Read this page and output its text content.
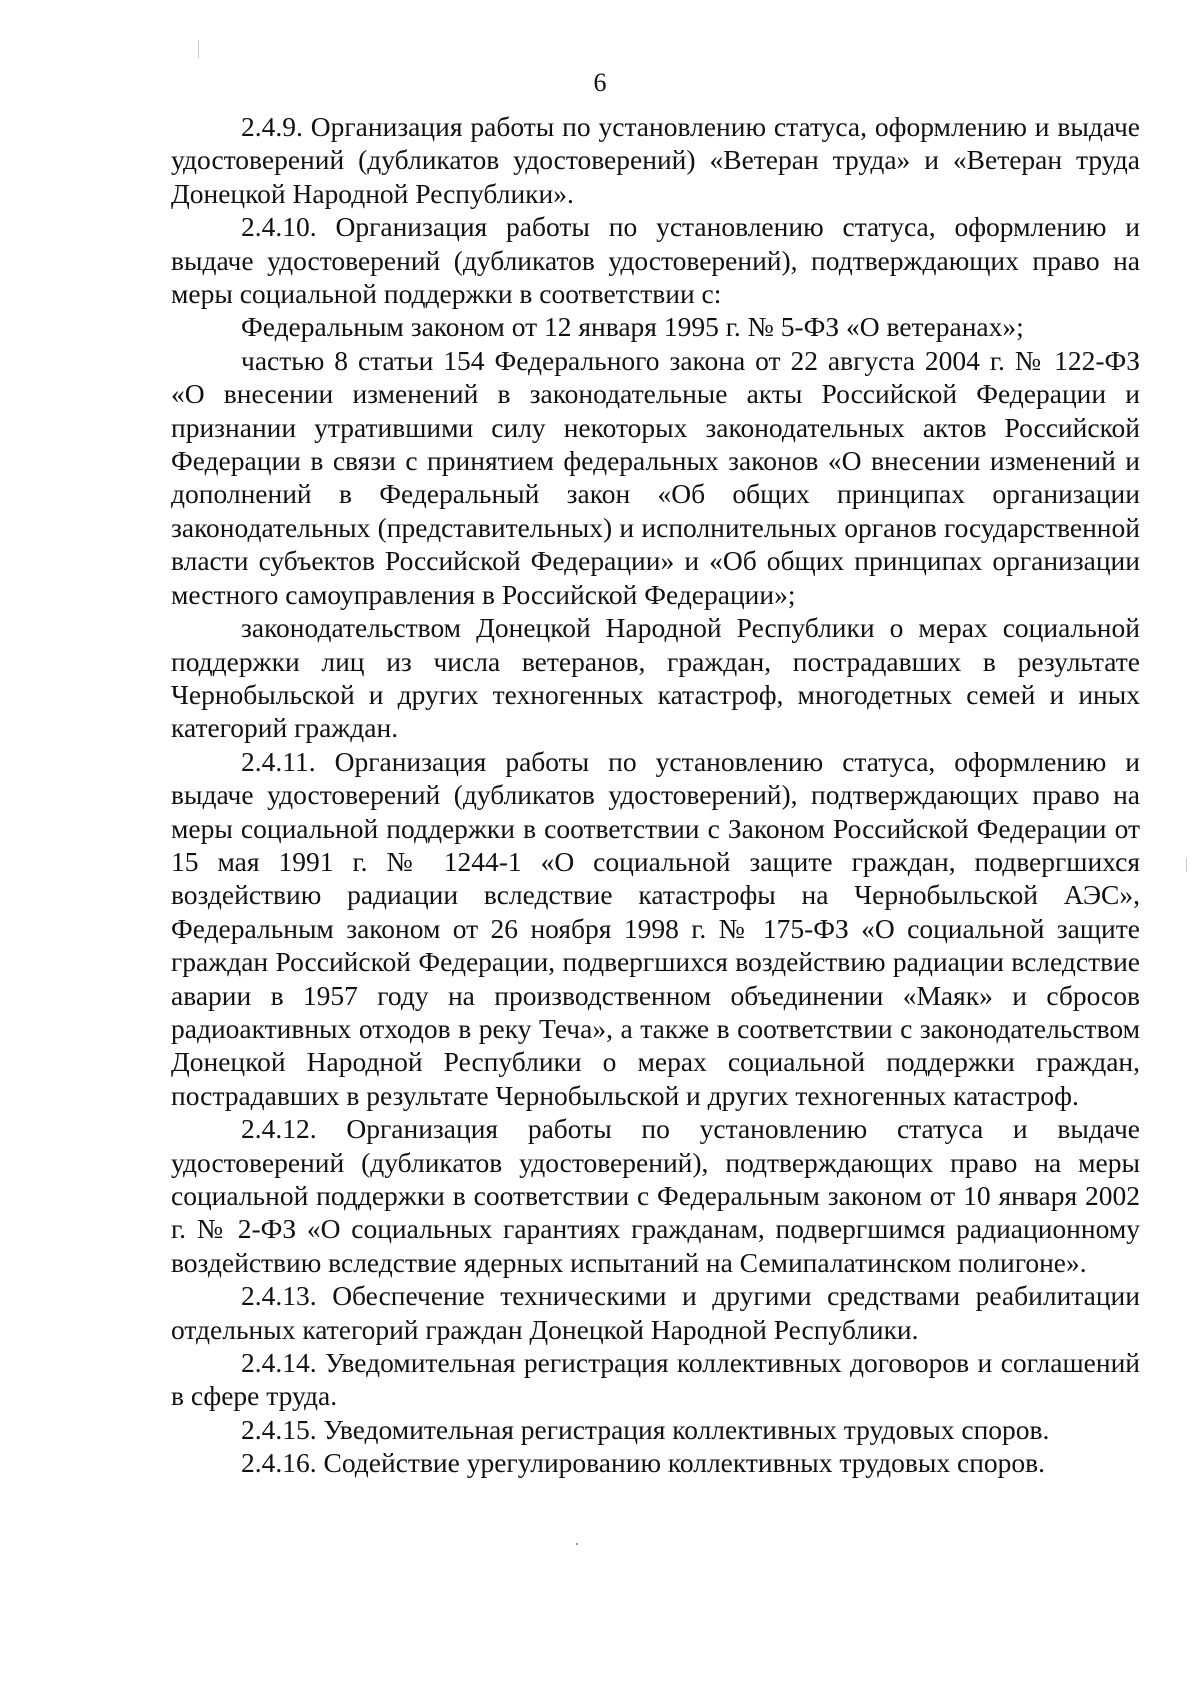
6

2.4.9. Организация работы по установлению статуса, оформлению и выдаче удостоверений (дубликатов удостоверений) «Ветеран труда» и «Ветеран труда Донецкой Народной Республики».

2.4.10. Организация работы по установлению статуса, оформлению и выдаче удостоверений (дубликатов удостоверений), подтверждающих право на меры социальной поддержки в соответствии с:

Федеральным законом от 12 января 1995 г. № 5-ФЗ «О ветеранах»;

частью 8 статьи 154 Федерального закона от 22 августа 2004 г. № 122-ФЗ «О внесении изменений в законодательные акты Российской Федерации и признании утратившими силу некоторых законодательных актов Российской Федерации в связи с принятием федеральных законов «О внесении изменений и дополнений в Федеральный закон «Об общих принципах организации законодательных (представительных) и исполнительных органов государственной власти субъектов Российской Федерации» и «Об общих принципах организации местного самоуправления в Российской Федерации»;

законодательством Донецкой Народной Республики о мерах социальной поддержки лиц из числа ветеранов, граждан, пострадавших в результате Чернобыльской и других техногенных катастроф, многодетных семей и иных категорий граждан.

2.4.11. Организация работы по установлению статуса, оформлению и выдаче удостоверений (дубликатов удостоверений), подтверждающих право на меры социальной поддержки в соответствии с Законом Российской Федерации от 15 мая 1991 г. № 1244-1 «О социальной защите граждан, подвергшихся воздействию радиации вследствие катастрофы на Чернобыльской АЭС», Федеральным законом от 26 ноября 1998 г. № 175-ФЗ «О социальной защите граждан Российской Федерации, подвергшихся воздействию радиации вследствие аварии в 1957 году на производственном объединении «Маяк» и сбросов радиоактивных отходов в реку Теча», а также в соответствии с законодательством Донецкой Народной Республики о мерах социальной поддержки граждан, пострадавших в результате Чернобыльской и других техногенных катастроф.

2.4.12. Организация работы по установлению статуса и выдаче удостоверений (дубликатов удостоверений), подтверждающих право на меры социальной поддержки в соответствии с Федеральным законом от 10 января 2002 г. № 2-ФЗ «О социальных гарантиях гражданам, подвергшимся радиационному воздействию вследствие ядерных испытаний на Семипалатинском полигоне».

2.4.13. Обеспечение техническими и другими средствами реабилитации отдельных категорий граждан Донецкой Народной Республики.

2.4.14. Уведомительная регистрация коллективных договоров и соглашений в сфере труда.

2.4.15. Уведомительная регистрация коллективных трудовых споров.

2.4.16. Содействие урегулированию коллективных трудовых споров.
